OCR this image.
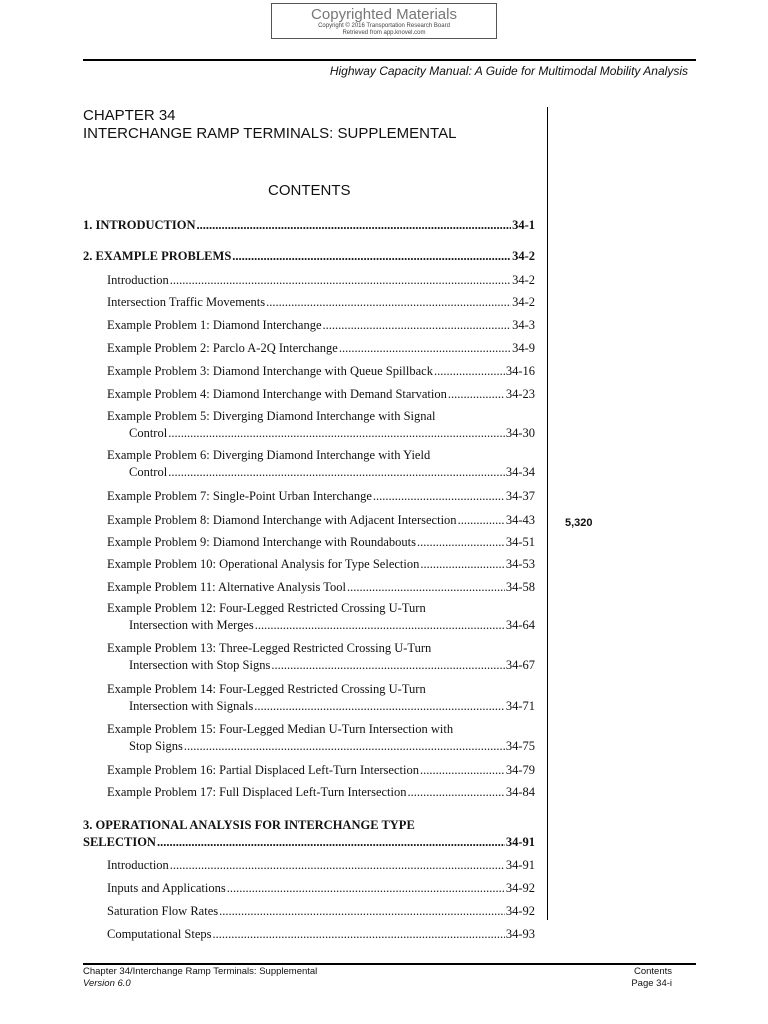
Copyrighted Materials
Copyright © 2016 Transportation Research Board
Retrieved from app.knovel.com
Highway Capacity Manual: A Guide for Multimodal Mobility Analysis
5,320
CHAPTER 34
INTERCHANGE RAMP TERMINALS: SUPPLEMENTAL
CONTENTS
1. INTRODUCTION .....	34-1
2. EXAMPLE PROBLEMS .....	34-2
Introduction .....	34-2
Intersection Traffic Movements .....	34-2
Example Problem 1: Diamond Interchange .....	34-3
Example Problem 2: Parclo A-2Q Interchange .....	34-9
Example Problem 3: Diamond Interchange with Queue Spillback .....	34-16
Example Problem 4: Diamond Interchange with Demand Starvation .....	34-23
Example Problem 5: Diverging Diamond Interchange with Signal
Control .....	34-30
Example Problem 6: Diverging Diamond Interchange with Yield
Control .....	34-34
Example Problem 7: Single-Point Urban Interchange .....	34-37
Example Problem 8: Diamond Interchange with Adjacent Intersection .....	34-43
Example Problem 9: Diamond Interchange with Roundabouts .....	34-51
Example Problem 10: Operational Analysis for Type Selection .....	34-53
Example Problem 11: Alternative Analysis Tool .....	34-58
Example Problem 12: Four-Legged Restricted Crossing U-Turn
Intersection with Merges .....	34-64
Example Problem 13: Three-Legged Restricted Crossing U-Turn
Intersection with Stop Signs .....	34-67
Example Problem 14: Four-Legged Restricted Crossing U-Turn
Intersection with Signals .....	34-71
Example Problem 15: Four-Legged Median U-Turn Intersection with
Stop Signs .....	34-75
Example Problem 16: Partial Displaced Left-Turn Intersection .....	34-79
Example Problem 17: Full Displaced Left-Turn Intersection .....	34-84
3. OPERATIONAL ANALYSIS FOR INTERCHANGE TYPE
SELECTION .....	34-91
Introduction .....	34-91
Inputs and Applications .....	34-92
Saturation Flow Rates .....	34-92
Computational Steps .....	34-93
Chapter 34/Interchange Ramp Terminals: Supplemental
Version 6.0
Contents
Page 34-i
